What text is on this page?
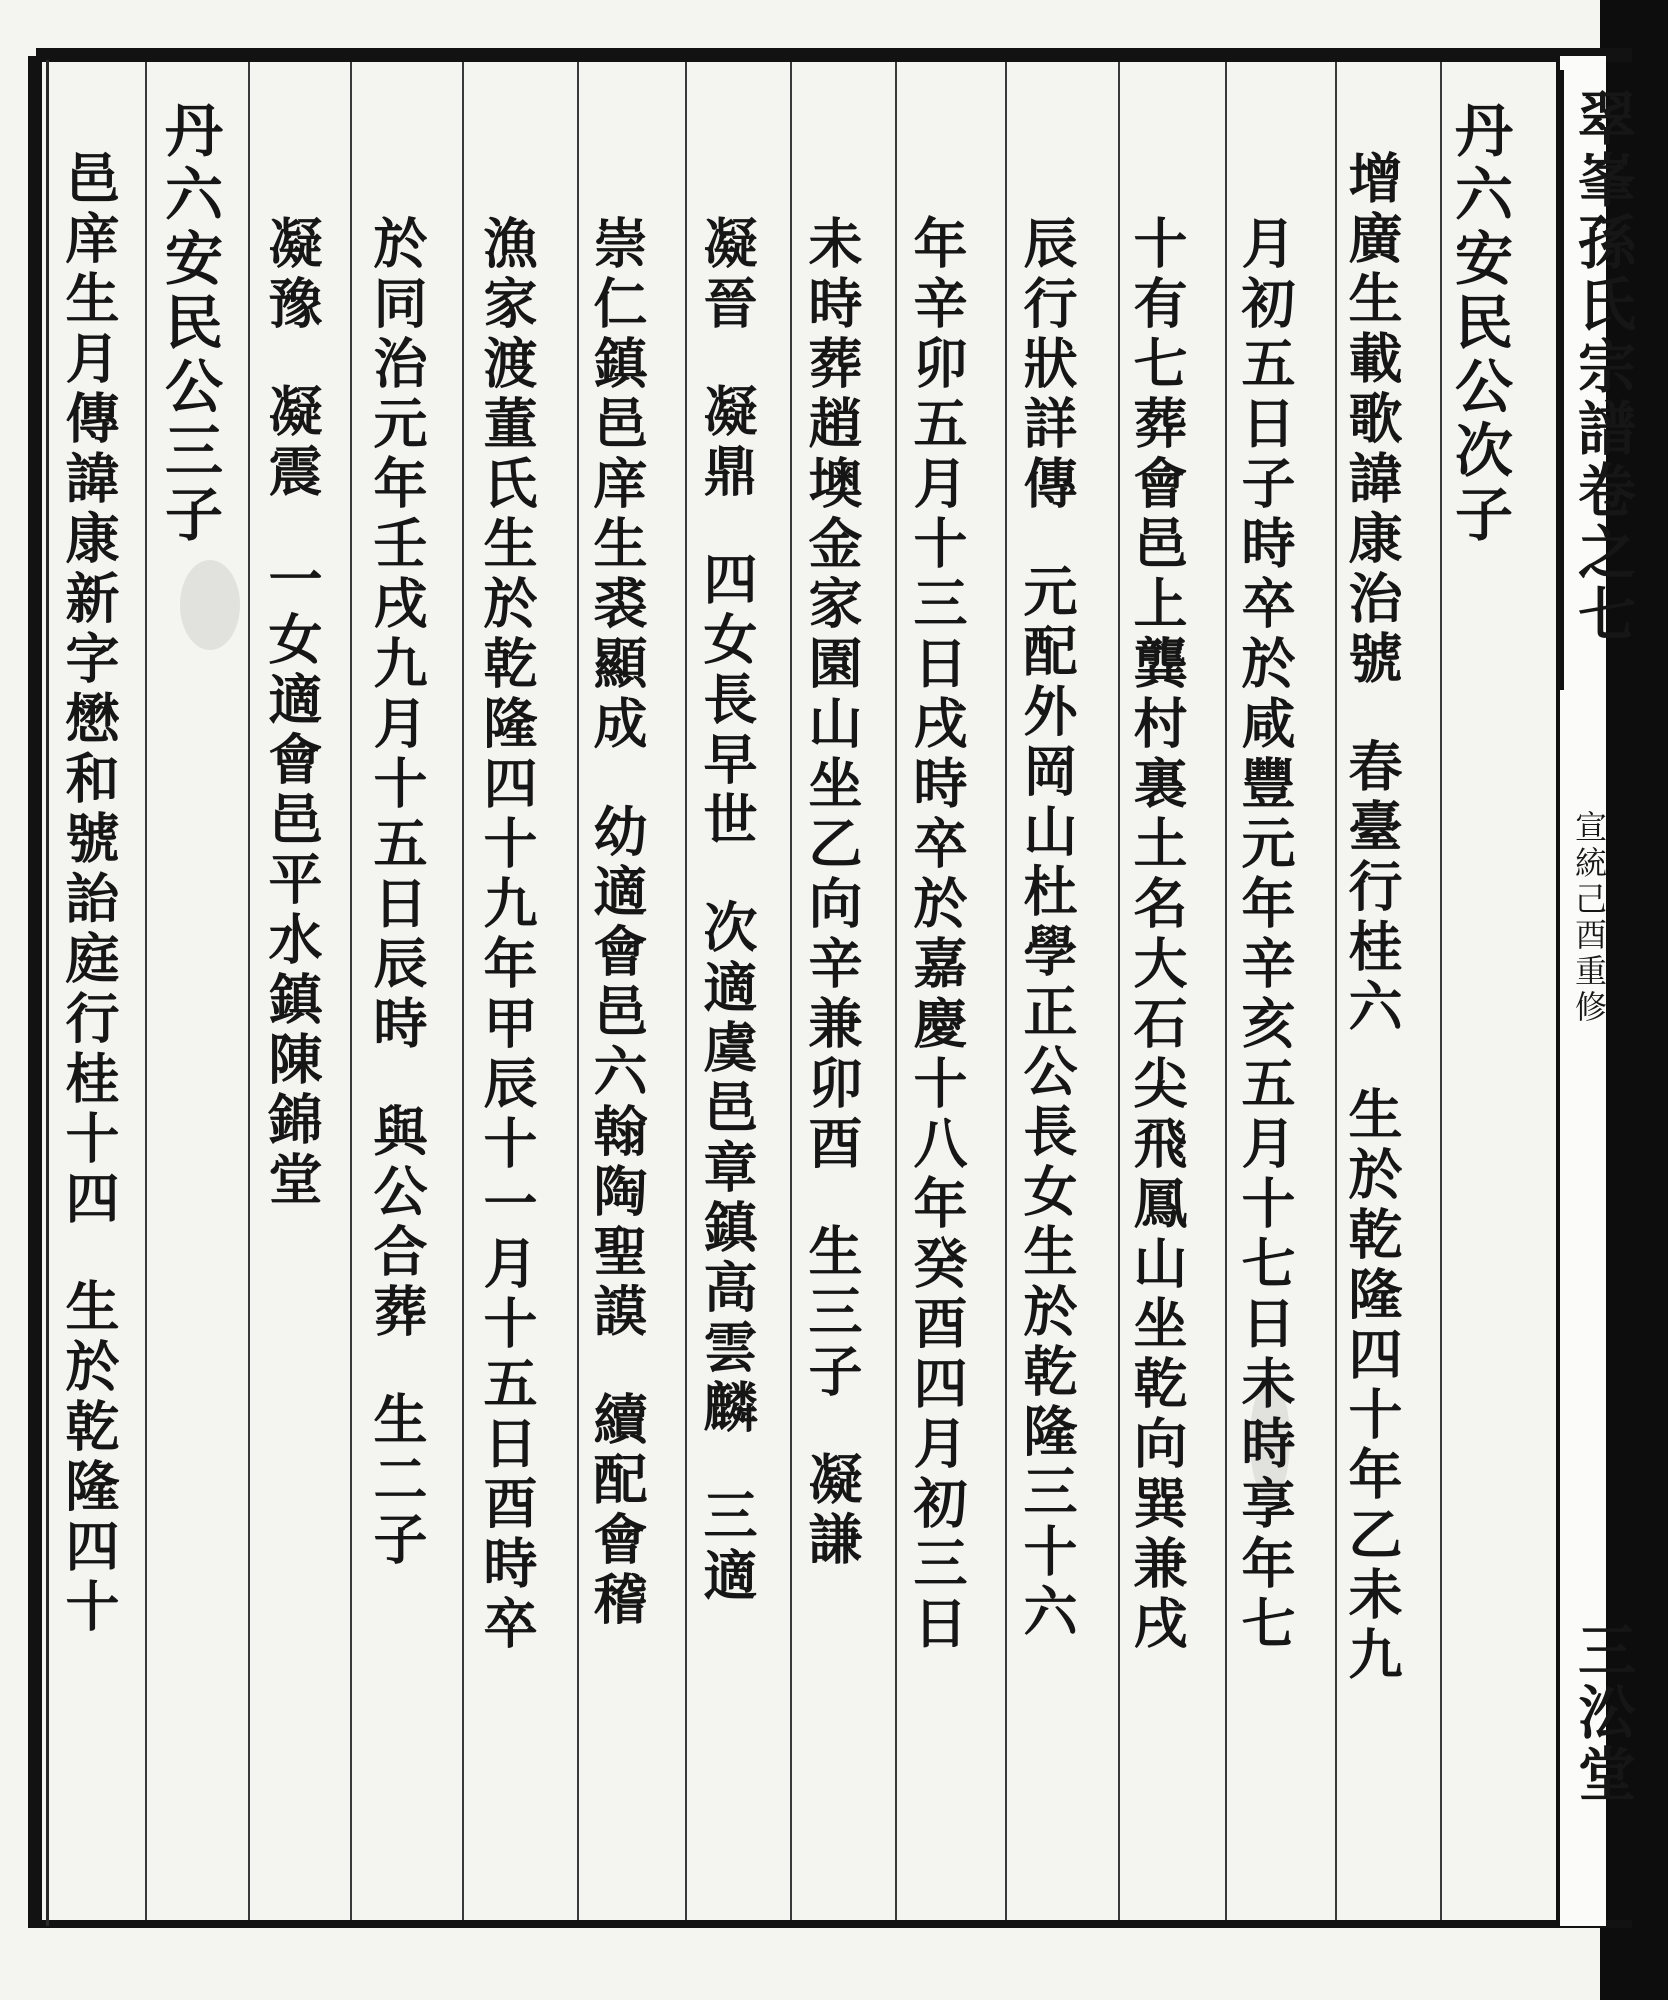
翠峯孫氏宗譜卷之七
宣統己酉重修
三㳂堂
丹六安民公次子
增廣生載歌諱康治號春臺行桂六生於乾隆四十年乙未九
月初五日子時卒於咸豐元年辛亥五月十七日未時享年七
十有七葬會邑上龔村裏土名大石尖飛鳳山坐乾向巽兼戌
辰行狀詳傳元配外岡山杜學正公長女生於乾隆三十六
年辛卯五月十三日戌時卒於嘉慶十八年癸酉四月初三日
未時葬趙墺金家園山坐乙向辛兼卯酉生三子凝謙
凝晉凝鼎四女長早世次適虞邑章鎮高雲麟三適
崇仁鎮邑庠生裘顯成幼適會邑六翰陶聖謨續配會稽
漁家渡董氏生於乾隆四十九年甲辰十一月十五日酉時卒
於同治元年壬戌九月十五日辰時與公合葬生二子
凝豫凝震一女適會邑平水鎮陳錦堂
丹六安民公三子
邑庠生月傳諱康新字懋和號詒庭行桂十四生於乾隆四十
